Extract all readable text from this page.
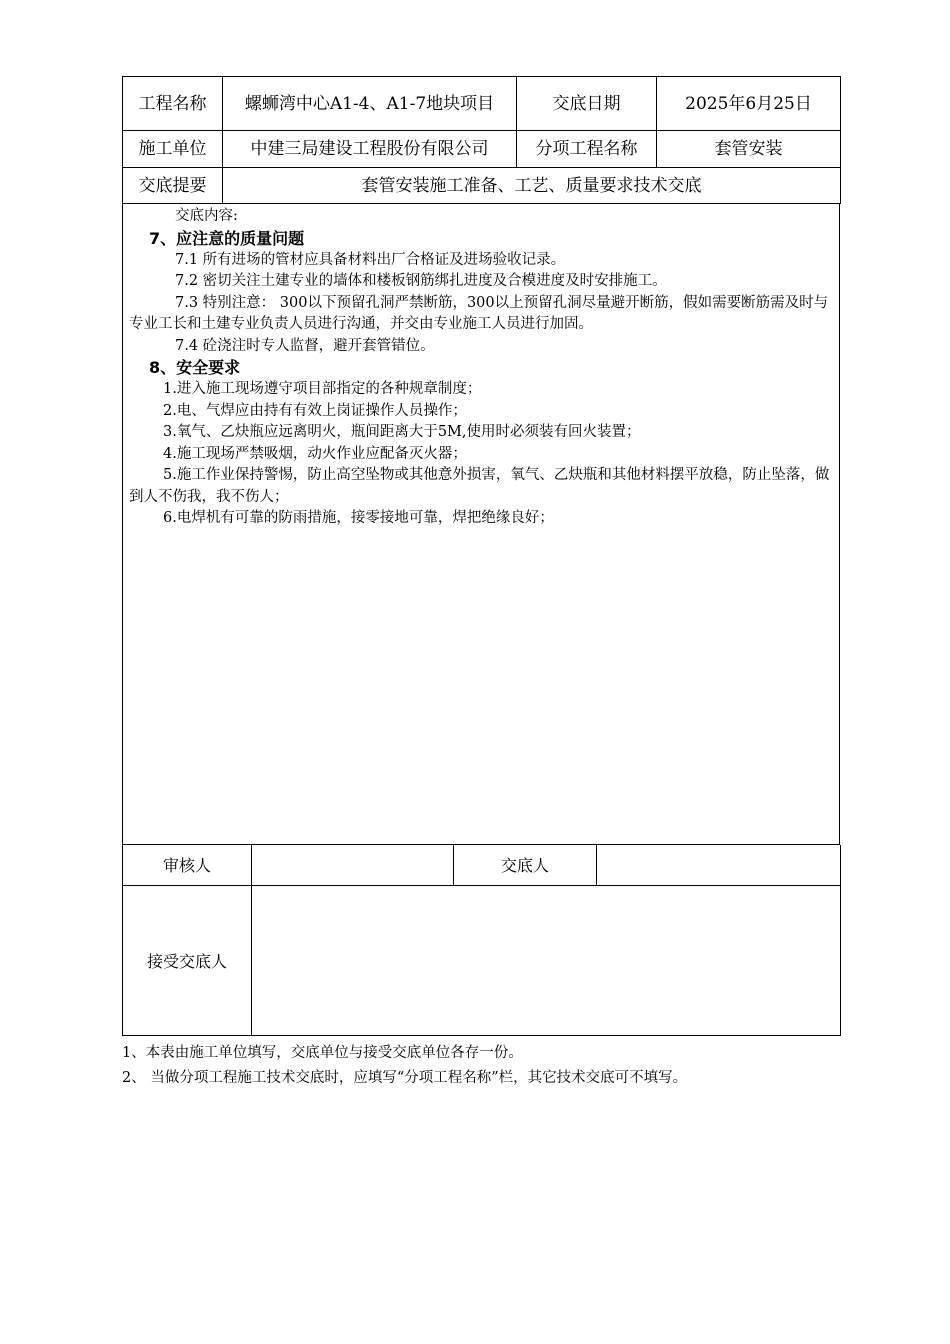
工程名称	螺蛳湾中心A1-4、A1-7地块项目	交底日期	2025年6月25日
施工单位	中建三局建设工程股份有限公司	分项工程名称	套管安装
交底提要	套管安装施工准备、工艺、质量要求技术交底		

交底内容:

7、应注意的质量问题

7.1 所有进场的管材应具备材料出厂合格证及进场验收记录。

7.2 密切关注土建专业的墙体和楼板钢筋绑扎进度及合模进度及时安排施工。

7.3 特别注意： 300以下预留孔洞严禁断筋，300以上预留孔洞尽量避开断筋，假如需要断筋需及时与专业工长和土建专业负责人员进行沟通，并交由专业施工人员进行加固。

7.4 砼浇注时专人监督，避开套管错位。

8、安全要求

1.进入施工现场遵守项目部指定的各种规章制度；

2.电、气焊应由持有有效上岗证操作人员操作；

3.氧气、乙炔瓶应远离明火，瓶间距离大于5M,使用时必须装有回火装置；

4.施工现场严禁吸烟，动火作业应配备灭火器；

5.施工作业保持警惕，防止高空坠物或其他意外损害，氧气、乙炔瓶和其他材料摆平放稳，防止坠落，做到人不伤我，我不伤人；

6.电焊机有可靠的防雨措施，接零接地可靠，焊把绝缘良好；

审核人		交底人	
接受交底人			
1、本表由施工单位填写，交底单位与接受交底单位各存一份。
2、 当做分项工程施工技术交底时，应填写“分项工程名称”栏，其它技术交底可不填写。
